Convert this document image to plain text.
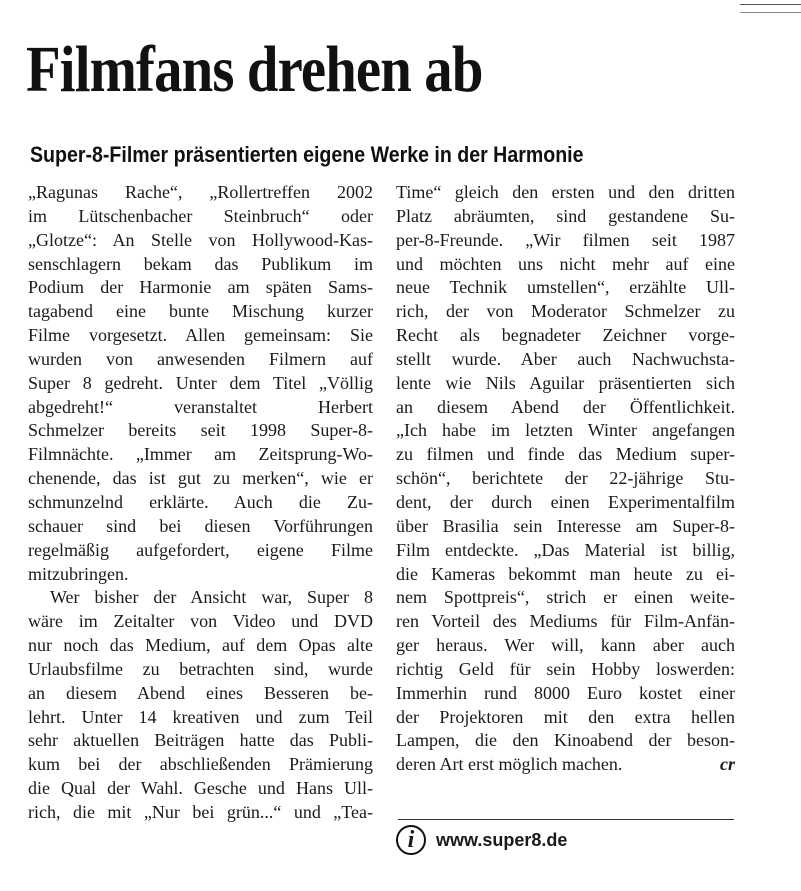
Filmfans drehen ab
Super-8-Filmer präsentierten eigene Werke in der Harmonie
„Ragunas Rache“, „Rollertreffen 2002
im Lütschenbacher Steinbruch“ oder
„Glotze“: An Stelle von Hollywood-Kas-
senschlagern bekam das Publikum im
Podium der Harmonie am späten Sams-
tagabend eine bunte Mischung kurzer
Filme vorgesetzt. Allen gemeinsam: Sie
wurden von anwesenden Filmern auf
Super 8 gedreht. Unter dem Titel „Völlig
abgedreht!“ veranstaltet Herbert
Schmelzer bereits seit 1998 Super-8-
Filmnächte. „Immer am Zeitsprung-Wo-
chenende, das ist gut zu merken“, wie er
schmunzelnd erklärte. Auch die Zu-
schauer sind bei diesen Vorführungen
regelmäßig aufgefordert, eigene Filme
mitzubringen.
Wer bisher der Ansicht war, Super 8
wäre im Zeitalter von Video und DVD
nur noch das Medium, auf dem Opas alte
Urlaubsfilme zu betrachten sind, wurde
an diesem Abend eines Besseren be-
lehrt. Unter 14 kreativen und zum Teil
sehr aktuellen Beiträgen hatte das Publi-
kum bei der abschließenden Prämierung
die Qual der Wahl. Gesche und Hans Ull-
rich, die mit „Nur bei grün...“ und „Tea-
Time“ gleich den ersten und den dritten
Platz abräumten, sind gestandene Su-
per-8-Freunde. „Wir filmen seit 1987
und möchten uns nicht mehr auf eine
neue Technik umstellen“, erzählte Ull-
rich, der von Moderator Schmelzer zu
Recht als begnadeter Zeichner vorge-
stellt wurde. Aber auch Nachwuchsta-
lente wie Nils Aguilar präsentierten sich
an diesem Abend der Öffentlichkeit.
„Ich habe im letzten Winter angefangen
zu filmen und finde das Medium super-
schön“, berichtete der 22-jährige Stu-
dent, der durch einen Experimentalfilm
über Brasilia sein Interesse am Super-8-
Film entdeckte. „Das Material ist billig,
die Kameras bekommt man heute zu ei-
nem Spottpreis“, strich er einen weite-
ren Vorteil des Mediums für Film-Anfän-
ger heraus. Wer will, kann aber auch
richtig Geld für sein Hobby loswerden:
Immerhin rund 8000 Euro kostet einer
der Projektoren mit den extra hellen
Lampen, die den Kinoabend der beson-
deren Art erst möglich machen.	cr
i	www.super8.de
